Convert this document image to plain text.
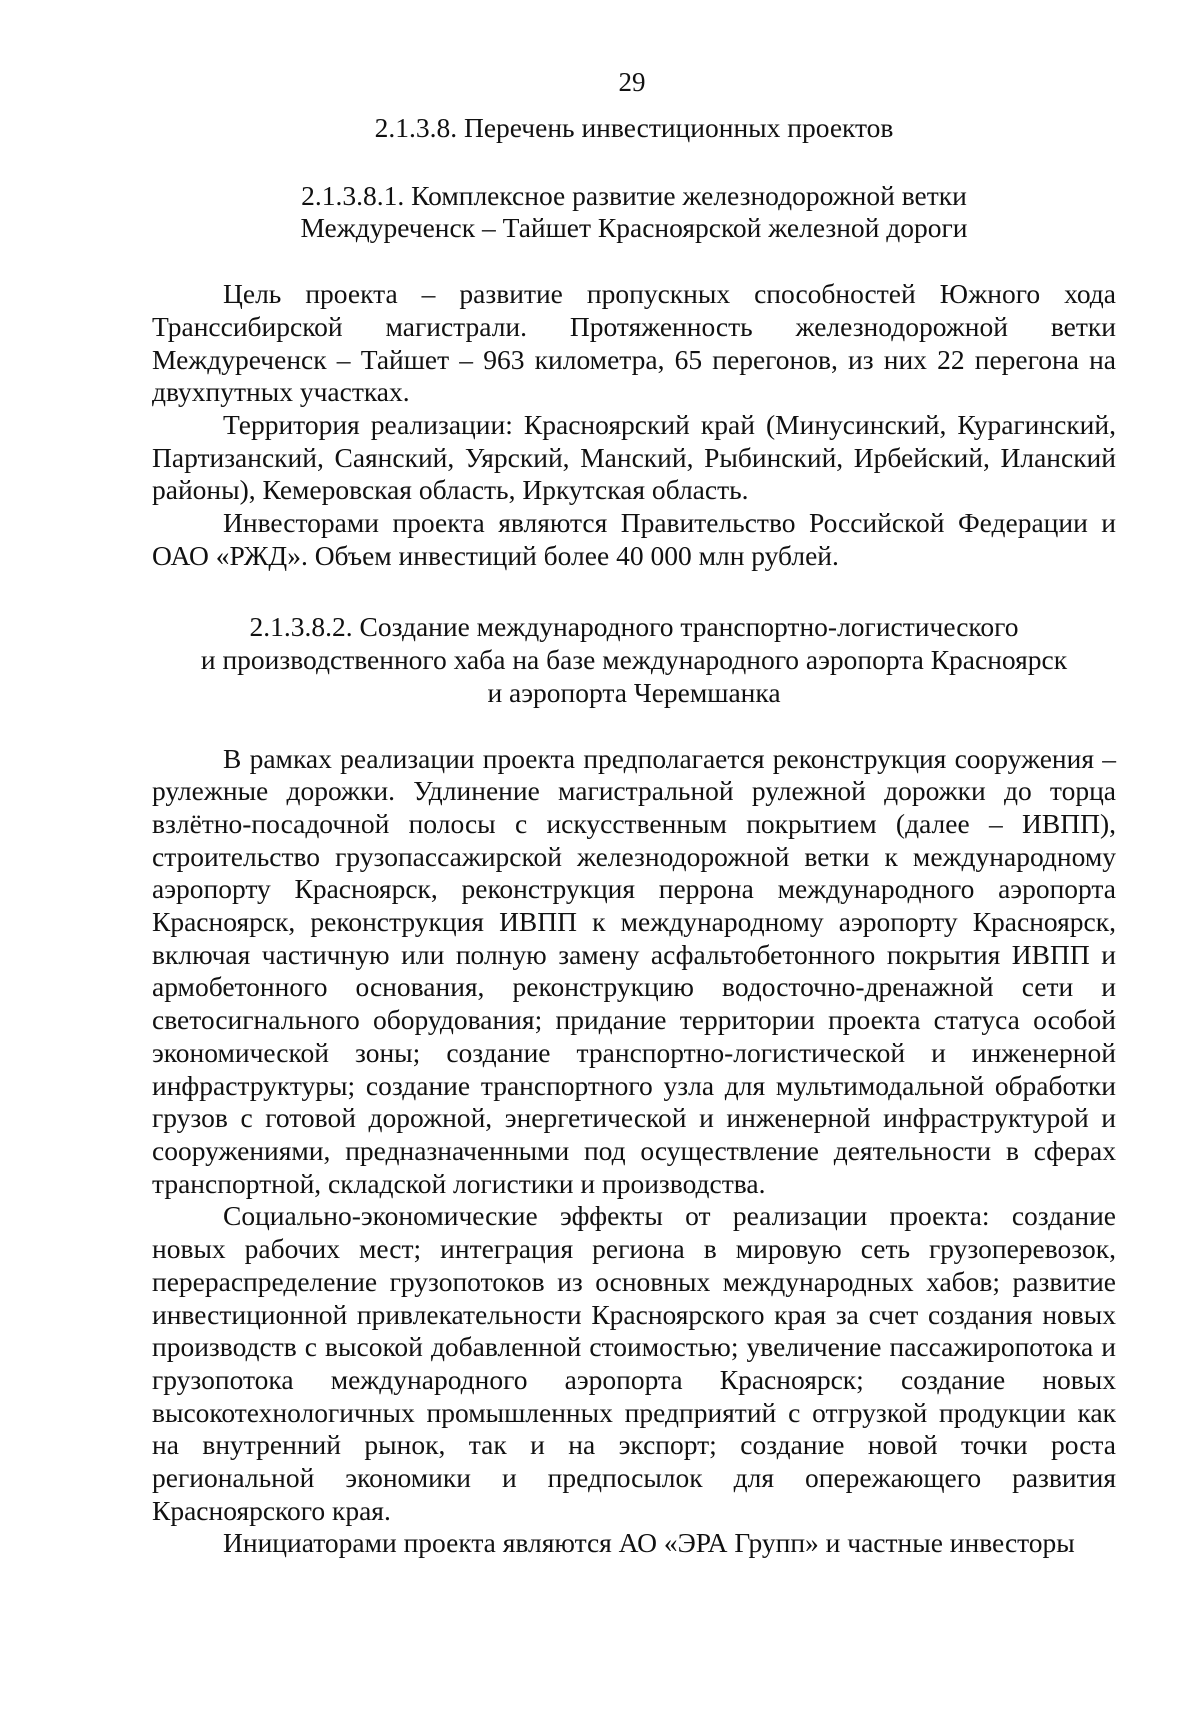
29

2.1.3.8. Перечень инвестиционных проектов

2.1.3.8.1. Комплексное развитие железнодорожной ветки
Междуреченск – Тайшет Красноярской железной дороги

Цель проекта – развитие пропускных способностей Южного хода Транссибирской магистрали. Протяженность железнодорожной ветки Междуреченск – Тайшет – 963 километра, 65 перегонов, из них 22 перегона на двухпутных участках.

Территория реализации: Красноярский край (Минусинский, Курагинский, Партизанский, Саянский, Уярский, Манский, Рыбинский, Ирбейский, Иланский районы), Кемеровская область, Иркутская область.

Инвесторами проекта являются Правительство Российской Федерации и ОАО «РЖД». Объем инвестиций более 40 000 млн рублей.

2.1.3.8.2. Создание международного транспортно-логистического
и производственного хаба на базе международного аэропорта Красноярск
и аэропорта Черемшанка

В рамках реализации проекта предполагается реконструкция сооружения – рулежные дорожки. Удлинение магистральной рулежной дорожки до торца взлётно-посадочной полосы с искусственным покрытием (далее – ИВПП), строительство грузопассажирской железнодорожной ветки к международному аэропорту Красноярск, реконструкция перрона международного аэропорта Красноярск, реконструкция ИВПП к международному аэропорту Красноярск, включая частичную или полную замену асфальтобетонного покрытия ИВПП и армобетонного основания, реконструкцию водосточно-дренажной сети и светосигнального оборудования; придание территории проекта статуса особой экономической зоны; создание транспортно-логистической и инженерной инфраструктуры; создание транспортного узла для мультимодальной обработки грузов с готовой дорожной, энергетической и инженерной инфраструктурой и сооружениями, предназначенными под осуществление деятельности в сферах транспортной, складской логистики и производства.

Социально-экономические эффекты от реализации проекта: создание новых рабочих мест; интеграция региона в мировую сеть грузоперевозок, перераспределение грузопотоков из основных международных хабов; развитие инвестиционной привлекательности Красноярского края за счет создания новых производств с высокой добавленной стоимостью; увеличение пассажиропотока и грузопотока международного аэропорта Красноярск; создание новых высокотехнологичных промышленных предприятий с отгрузкой продукции как на внутренний рынок, так и на экспорт; создание новой точки роста региональной экономики и предпосылок для опережающего развития Красноярского края.

Инициаторами проекта являются АО «ЭРА Групп» и частные инвесторы
